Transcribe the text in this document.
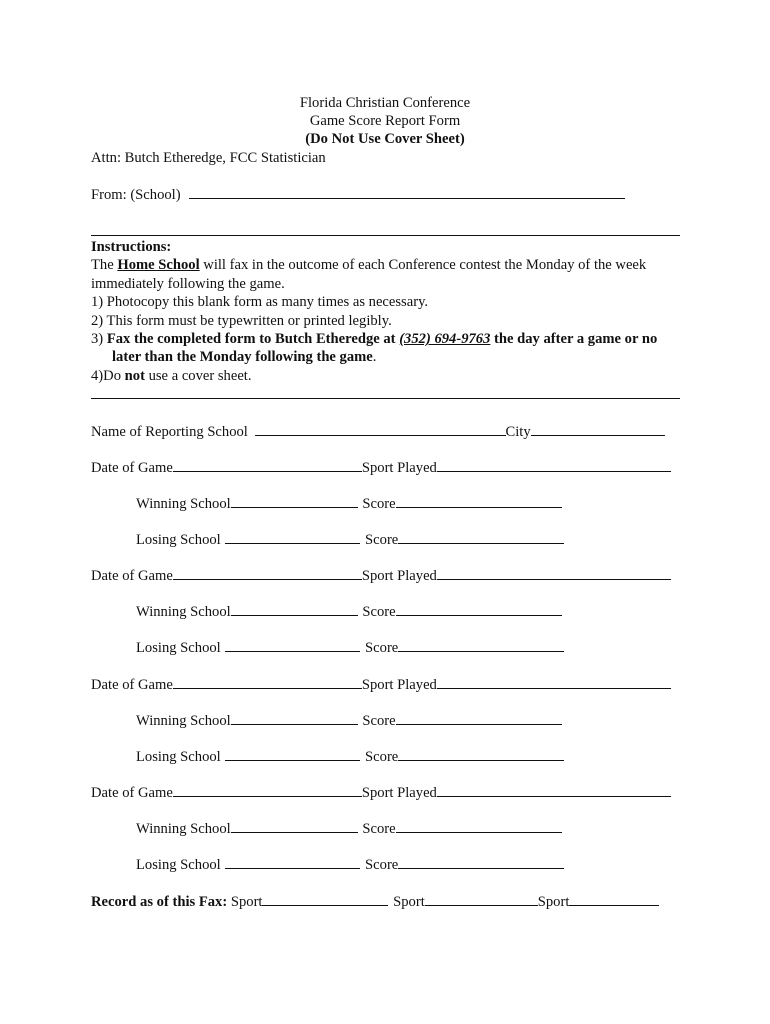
Florida Christian Conference
Game Score Report Form
(Do Not Use Cover Sheet)
Attn: Butch Etheredge, FCC Statistician
From: (School)
Instructions:
The Home School will fax in the outcome of each Conference contest the Monday of the week
immediately following the game.
1) Photocopy this blank form as many times as necessary.
2) This form must be typewritten or printed legibly.
3) Fax the completed form to Butch Etheredge at (352) 694-9763 the day after a game or no
later than the Monday following the game.
4)Do not use a cover sheet.
Name of Reporting School	City
Date of Game	Sport Played
Winning School	Score
Losing School	Score
Date of Game	Sport Played
Winning School	Score
Losing School	Score
Date of Game	Sport Played
Winning School	Score
Losing School	Score
Date of Game	Sport Played
Winning School	Score
Losing School	Score
Record as of this Fax: Sport	Sport	Sport
